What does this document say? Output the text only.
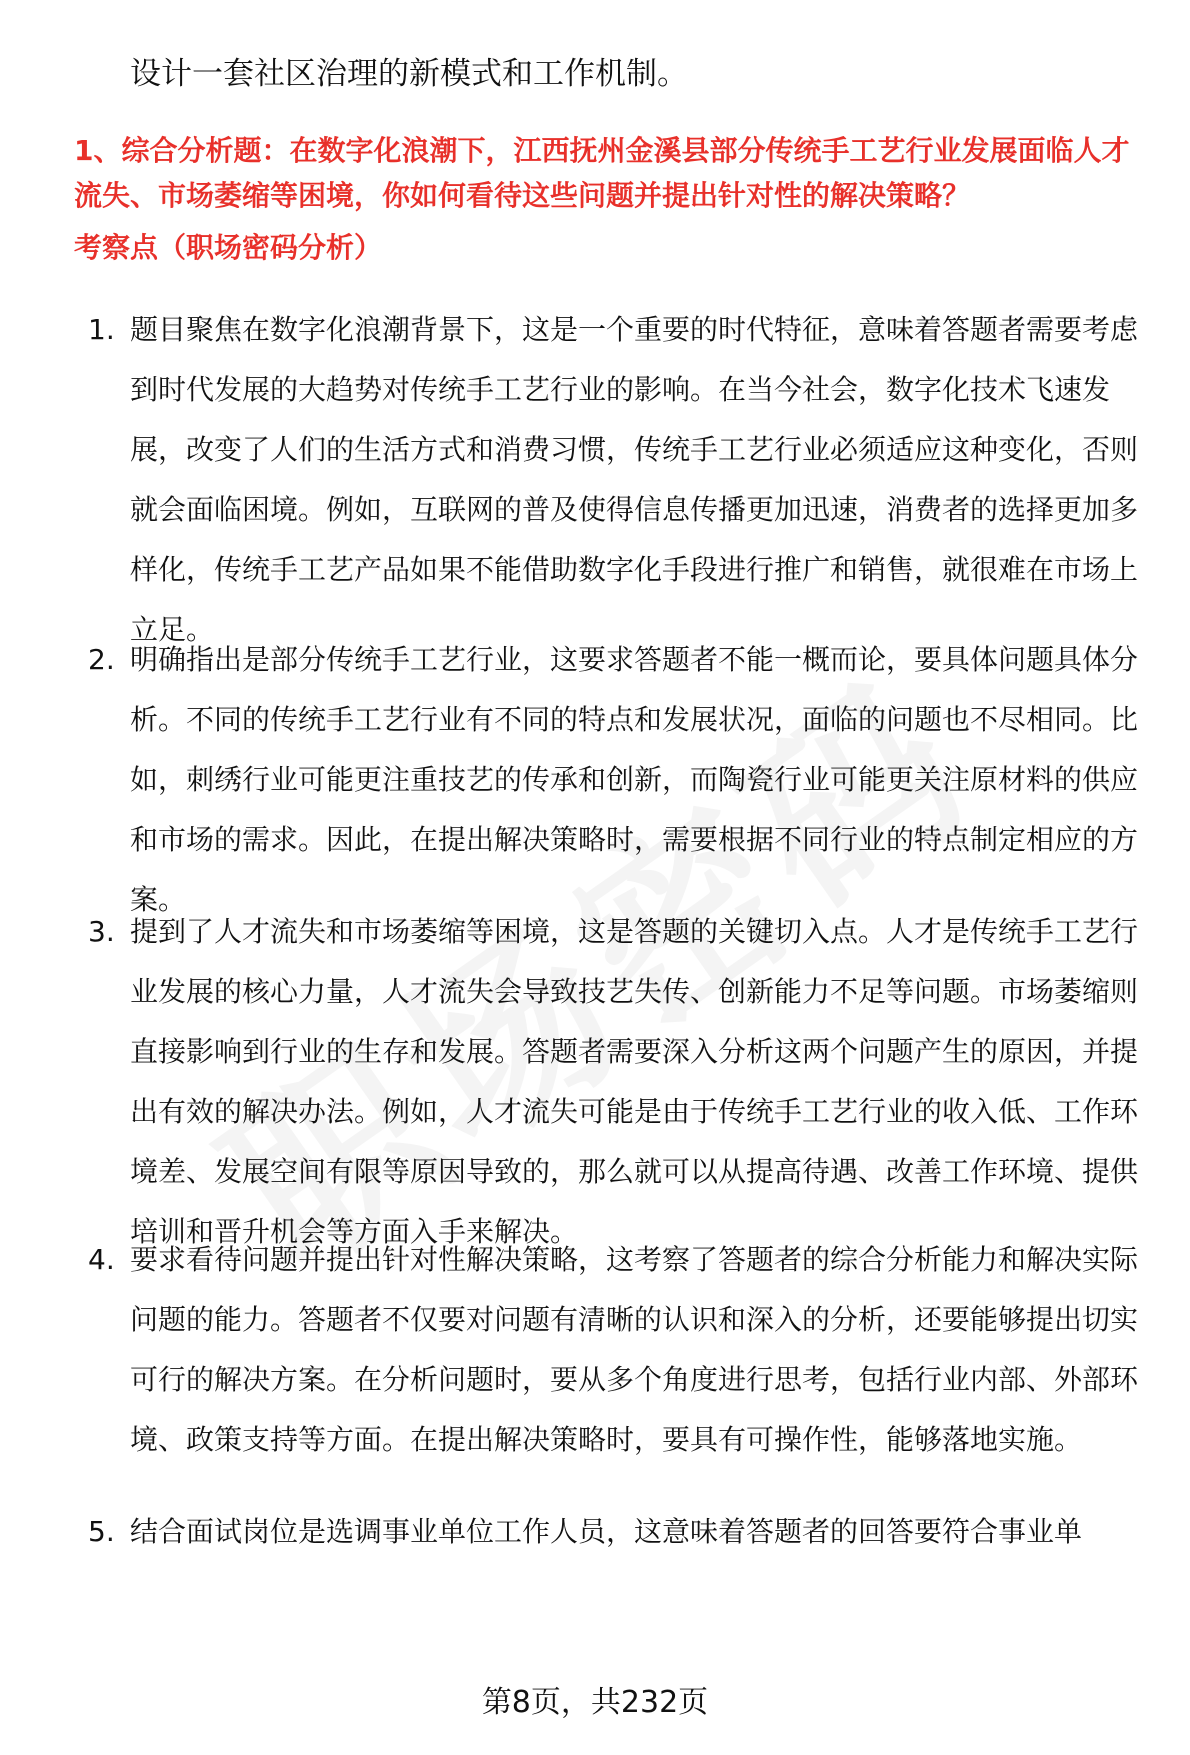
设计一套社区治理的新模式和工作机制。
1、综合分析题：在数字化浪潮下，江西抚州金溪县部分传统手工艺行业发展面临人才流失、市场萎缩等困境，你如何看待这些问题并提出针对性的解决策略？
考察点（职场密码分析）
1. 题目聚焦在数字化浪潮背景下，这是一个重要的时代特征，意味着答题者需要考虑到时代发展的大趋势对传统手工艺行业的影响。在当今社会，数字化技术飞速发展，改变了人们的生活方式和消费习惯，传统手工艺行业必须适应这种变化，否则就会面临困境。例如，互联网的普及使得信息传播更加迅速，消费者的选择更加多样化，传统手工艺产品如果不能借助数字化手段进行推广和销售，就很难在市场上立足。
2. 明确指出是部分传统手工艺行业，这要求答题者不能一概而论，要具体问题具体分析。不同的传统手工艺行业有不同的特点和发展状况，面临的问题也不尽相同。比如，刺绣行业可能更注重技艺的传承和创新，而陶瓷行业可能更关注原材料的供应和市场的需求。因此，在提出解决策略时，需要根据不同行业的特点制定相应的方案。
3. 提到了人才流失和市场萎缩等困境，这是答题的关键切入点。人才是传统手工艺行业发展的核心力量，人才流失会导致技艺失传、创新能力不足等问题。市场萎缩则直接影响到行业的生存和发展。答题者需要深入分析这两个问题产生的原因，并提出有效的解决办法。例如，人才流失可能是由于传统手工艺行业的收入低、工作环境差、发展空间有限等原因导致的，那么就可以从提高待遇、改善工作环境、提供培训和晋升机会等方面入手来解决。
4. 要求看待问题并提出针对性解决策略，这考察了答题者的综合分析能力和解决实际问题的能力。答题者不仅要对问题有清晰的认识和深入的分析，还要能够提出切实可行的解决方案。在分析问题时，要从多个角度进行思考，包括行业内部、外部环境、政策支持等方面。在提出解决策略时，要具有可操作性，能够落地实施。
5. 结合面试岗位是选调事业单位工作人员，这意味着答题者的回答要符合事业单
第8页，共232页
